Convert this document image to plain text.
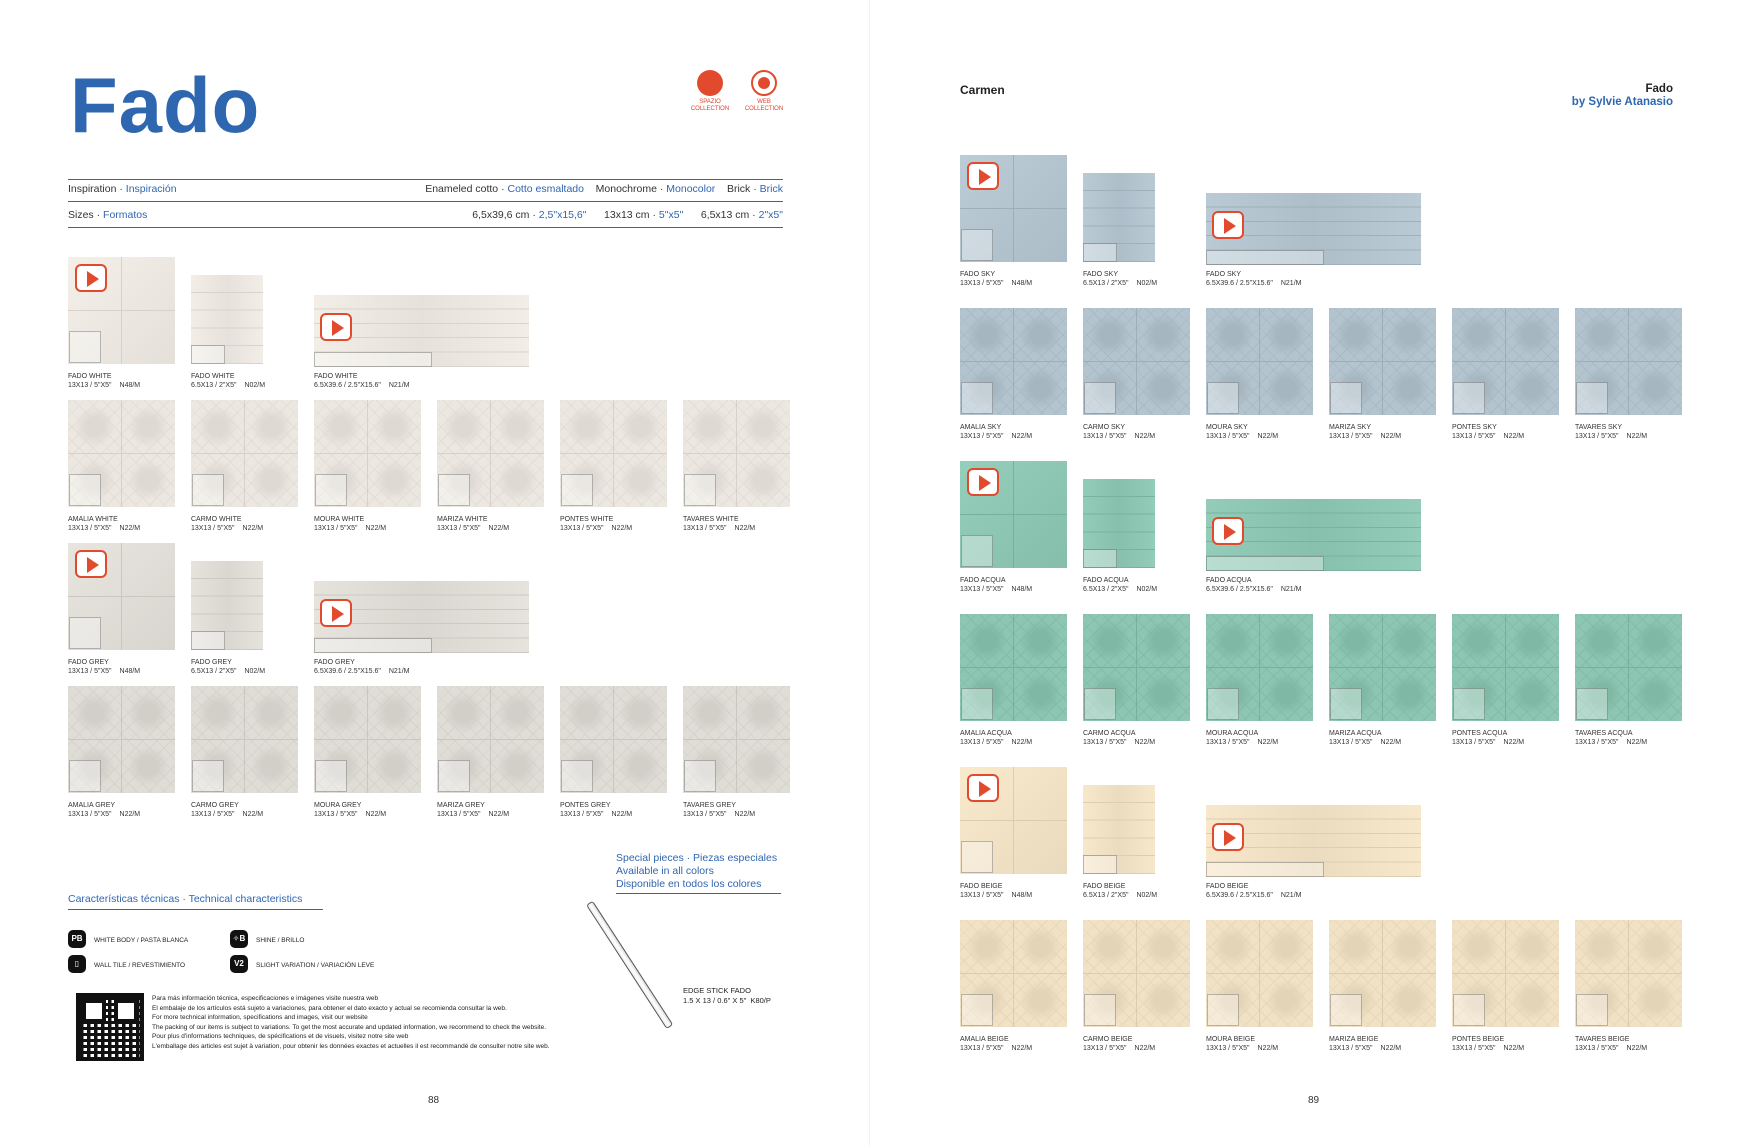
Fado	SPAZIO
COLLECTION
WEB
COLLECTION
Inspiration · Inspiración	Enameled cotto · Cotto esmaltado Monochrome · Monocolor Brick · Brick
Sizes · Formatos	6,5x39,6 cm · 2,5"x15,6" 13x13 cm · 5"x5" 6,5x13 cm · 2"x5"
FADO WHITE
13X13 / 5"X5" N48/M
FADO WHITE
6.5X13 / 2"X5" N02/M
FADO WHITE
6.5X39.6 / 2.5"X15.6" N21/M
AMALIA WHITE
13X13 / 5"X5" N22/M
CARMO WHITE
13X13 / 5"X5" N22/M
MOURA WHITE
13X13 / 5"X5" N22/M
MARIZA WHITE
13X13 / 5"X5" N22/M
PONTES WHITE
13X13 / 5"X5" N22/M
TAVARES WHITE
13X13 / 5"X5" N22/M
FADO GREY
13X13 / 5"X5" N48/M
FADO GREY
6.5X13 / 2"X5" N02/M
FADO GREY
6.5X39.6 / 2.5"X15.6" N21/M
AMALIA GREY
13X13 / 5"X5" N22/M
CARMO GREY
13X13 / 5"X5" N22/M
MOURA GREY
13X13 / 5"X5" N22/M
MARIZA GREY
13X13 / 5"X5" N22/M
PONTES GREY
13X13 / 5"X5" N22/M
TAVARES GREY
13X13 / 5"X5" N22/M
Special pieces · Piezas especiales
Available in all colors
Disponible en todos los colores
Características técnicas · Technical characteristics
PB	WHITE BODY / PASTA BLANCA	✧B	SHINE / BRILLO
▯	WALL TILE / REVESTIMIENTO	V2	SLIGHT VARIATION / VARIACIÓN LEVE
Para más información técnica, especificaciones e imágenes visite nuestra web
El embalaje de los artículos está sujeto a variaciones, para obtener el dato exacto y actual se recomienda consultar la web.
For more technical information, specifications and images, visit our website
The packing of our items is subject to variations. To get the most accurate and updated information, we recommend to check the website.
Pour plus d'informations techniques, de spécifications et de visuels, visitez notre site web
L'emballage des articles est sujet à variation, pour obtenir les données exactes et actuelles il est recommandé de consulter notre site web.
EDGE STICK FADO
1.5 X 13 / 0.6" X 5" K80/P
88
Carmen	Fado
by Sylvie Atanasio
FADO SKY
13X13 / 5"X5" N48/M
FADO SKY
6.5X13 / 2"X5" N02/M
FADO SKY
6.5X39.6 / 2.5"X15.6" N21/M
AMALIA SKY
13X13 / 5"X5" N22/M
CARMO SKY
13X13 / 5"X5" N22/M
MOURA SKY
13X13 / 5"X5" N22/M
MARIZA SKY
13X13 / 5"X5" N22/M
PONTES SKY
13X13 / 5"X5" N22/M
TAVARES SKY
13X13 / 5"X5" N22/M
FADO ACQUA
13X13 / 5"X5" N48/M
FADO ACQUA
6.5X13 / 2"X5" N02/M
FADO ACQUA
6.5X39.6 / 2.5"X15.6" N21/M
AMALIA ACQUA
13X13 / 5"X5" N22/M
CARMO ACQUA
13X13 / 5"X5" N22/M
MOURA ACQUA
13X13 / 5"X5" N22/M
MARIZA ACQUA
13X13 / 5"X5" N22/M
PONTES ACQUA
13X13 / 5"X5" N22/M
TAVARES ACQUA
13X13 / 5"X5" N22/M
FADO BEIGE
13X13 / 5"X5" N48/M
FADO BEIGE
6.5X13 / 2"X5" N02/M
FADO BEIGE
6.5X39.6 / 2.5"X15.6" N21/M
AMALIA BEIGE
13X13 / 5"X5" N22/M
CARMO BEIGE
13X13 / 5"X5" N22/M
MOURA BEIGE
13X13 / 5"X5" N22/M
MARIZA BEIGE
13X13 / 5"X5" N22/M
PONTES BEIGE
13X13 / 5"X5" N22/M
TAVARES BEIGE
13X13 / 5"X5" N22/M
89
